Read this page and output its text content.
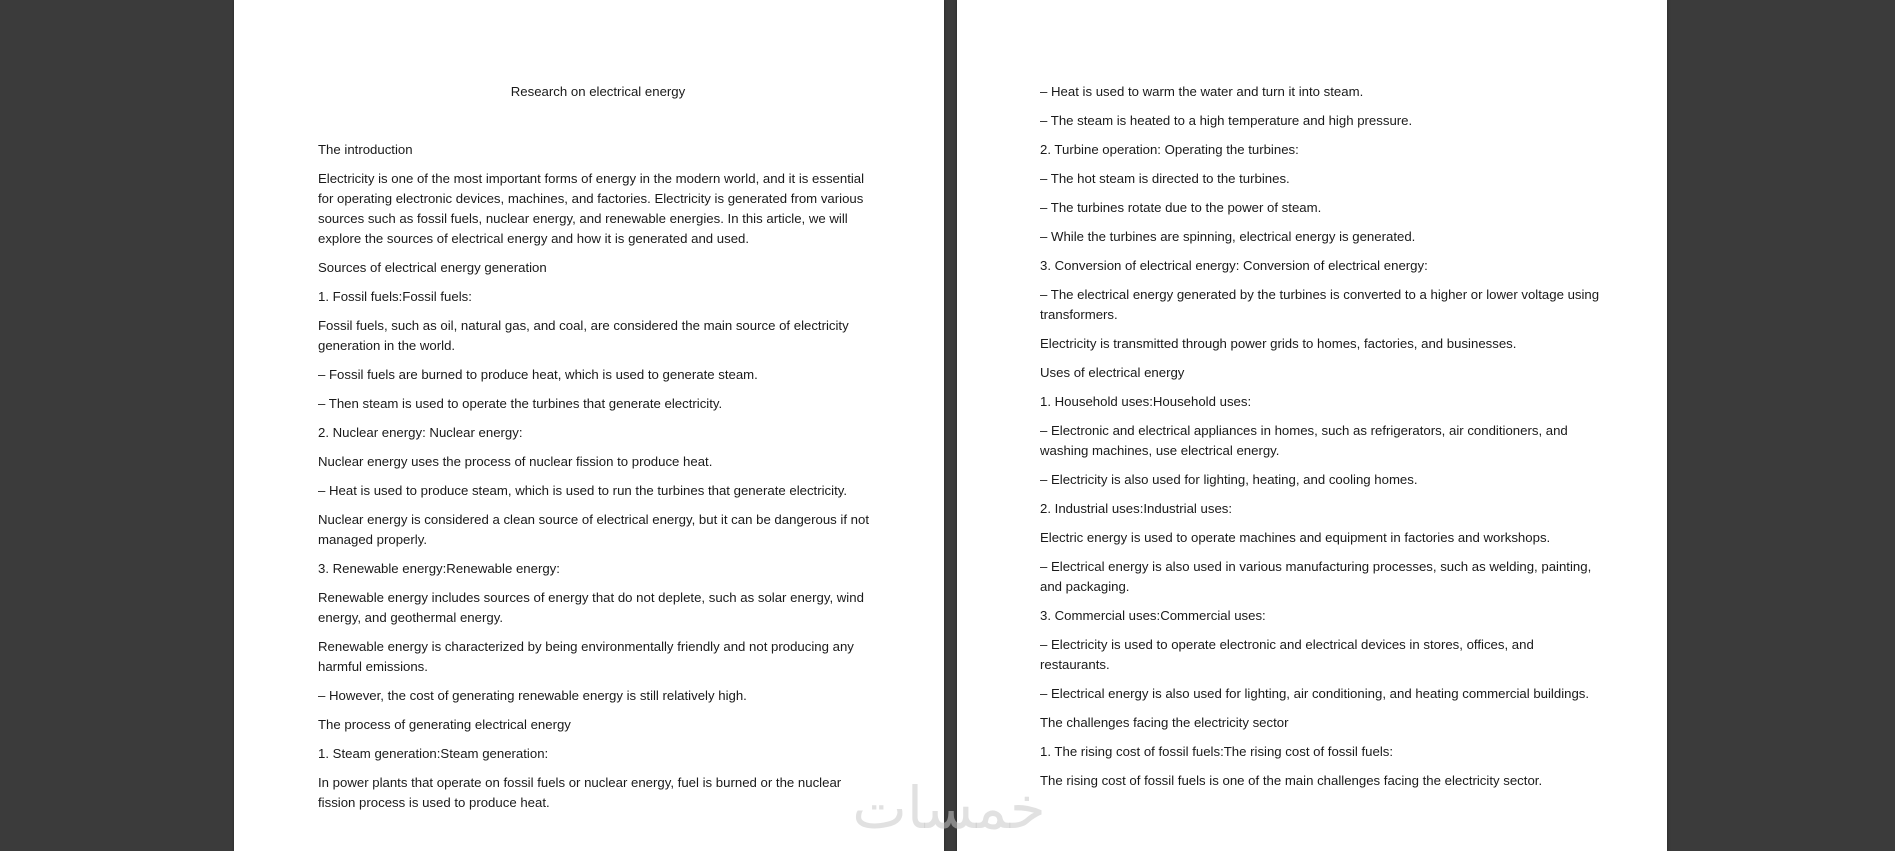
Research on electrical energy

The introduction

Electricity is one of the most important forms of energy in the modern world, and it is essential for operating electronic devices, machines, and factories. Electricity is generated from various sources such as fossil fuels, nuclear energy, and renewable energies. In this article, we will explore the sources of electrical energy and how it is generated and used.

Sources of electrical energy generation

1. Fossil fuels:Fossil fuels:

Fossil fuels, such as oil, natural gas, and coal, are considered the main source of electricity generation in the world.

– Fossil fuels are burned to produce heat, which is used to generate steam.

– Then steam is used to operate the turbines that generate electricity.

2. Nuclear energy: Nuclear energy:

Nuclear energy uses the process of nuclear fission to produce heat.

– Heat is used to produce steam, which is used to run the turbines that generate electricity.

Nuclear energy is considered a clean source of electrical energy, but it can be dangerous if not managed properly.

3. Renewable energy:Renewable energy:

Renewable energy includes sources of energy that do not deplete, such as solar energy, wind energy, and geothermal energy.

Renewable energy is characterized by being environmentally friendly and not producing any harmful emissions.

– However, the cost of generating renewable energy is still relatively high.

The process of generating electrical energy

1. Steam generation:Steam generation:

In power plants that operate on fossil fuels or nuclear energy, fuel is burned or the nuclear fission process is used to produce heat.

– Heat is used to warm the water and turn it into steam.

– The steam is heated to a high temperature and high pressure.

2. Turbine operation: Operating the turbines:

– The hot steam is directed to the turbines.

– The turbines rotate due to the power of steam.

– While the turbines are spinning, electrical energy is generated.

3. Conversion of electrical energy: Conversion of electrical energy:

– The electrical energy generated by the turbines is converted to a higher or lower voltage using transformers.

Electricity is transmitted through power grids to homes, factories, and businesses.

Uses of electrical energy

1. Household uses:Household uses:

– Electronic and electrical appliances in homes, such as refrigerators, air conditioners, and washing machines, use electrical energy.

– Electricity is also used for lighting, heating, and cooling homes.

2. Industrial uses:Industrial uses:

Electric energy is used to operate machines and equipment in factories and workshops.

– Electrical energy is also used in various manufacturing processes, such as welding, painting, and packaging.

3. Commercial uses:Commercial uses:

– Electricity is used to operate electronic and electrical devices in stores, offices, and restaurants.

– Electrical energy is also used for lighting, air conditioning, and heating commercial buildings.

The challenges facing the electricity sector

1. The rising cost of fossil fuels:The rising cost of fossil fuels:

The rising cost of fossil fuels is one of the main challenges facing the electricity sector.

خمسات
